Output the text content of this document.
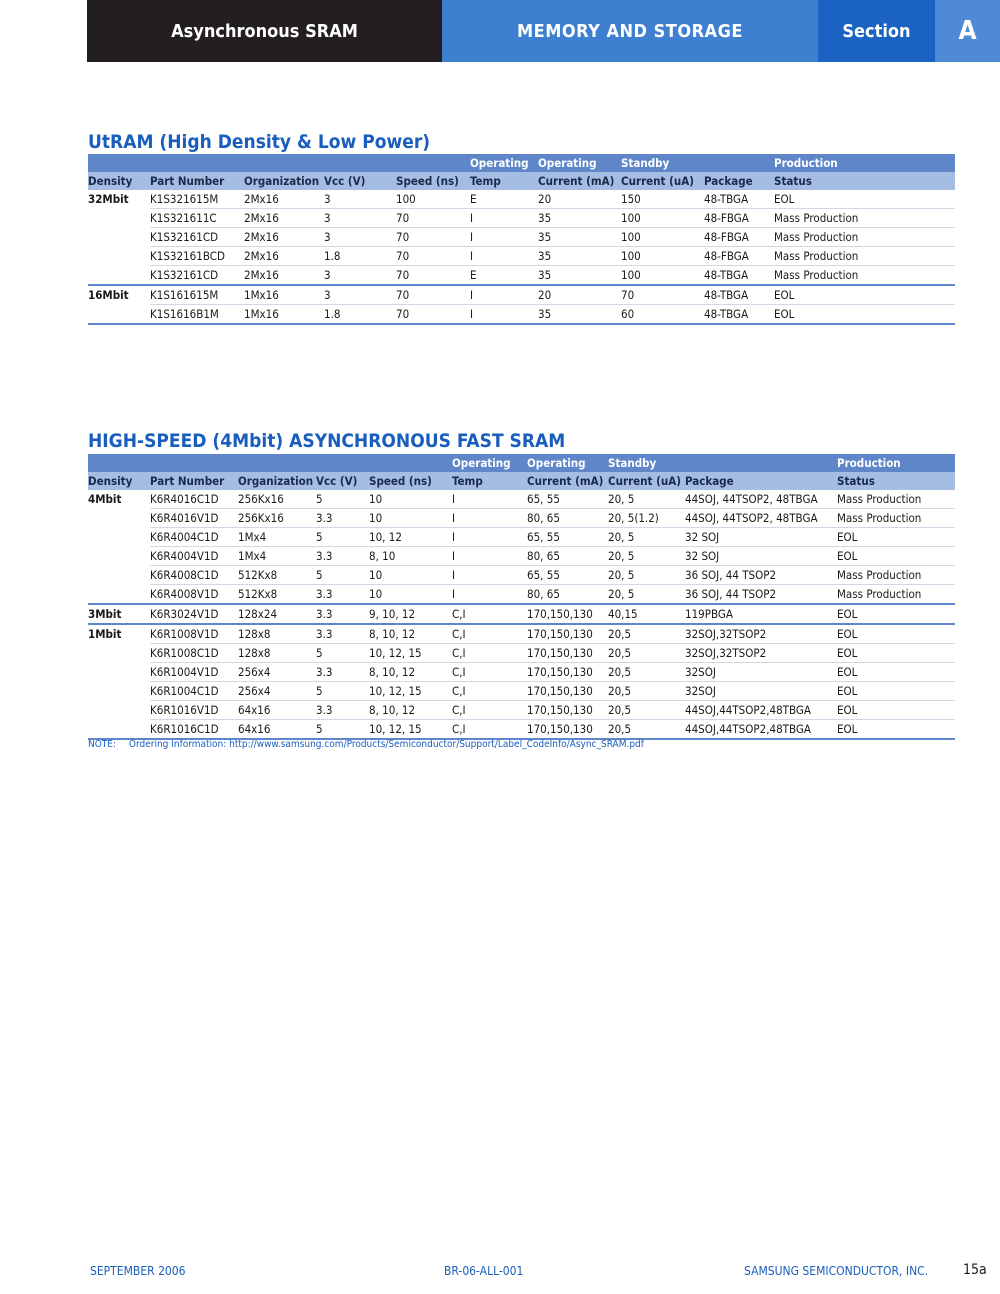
Asynchronous SRAM	MEMORY AND STORAGE	Section	A
UtRAM (High Density & Low Power)
					Operating	Operating	Standby		Production
Density	Part Number	Organization	Vcc (V)	Speed (ns)	Temp	Current (mA)	Current (uA)	Package	Status
32Mbit	K1S321615M	2Mx16	3	100	E	20	150	48-TBGA	EOL
	K1S321611C	2Mx16	3	70	I	35	100	48-FBGA	Mass Production
	K1S32161CD	2Mx16	3	70	I	35	100	48-FBGA	Mass Production
	K1S32161BCD	2Mx16	1.8	70	I	35	100	48-FBGA	Mass Production
	K1S32161CD	2Mx16	3	70	E	35	100	48-TBGA	Mass Production
16Mbit	K1S161615M	1Mx16	3	70	I	20	70	48-TBGA	EOL
	K1S1616B1M	1Mx16	1.8	70	I	35	60	48-TBGA	EOL
HIGH-SPEED (4Mbit) ASYNCHRONOUS FAST SRAM
					Operating	Operating	Standby		Production
Density	Part Number	Organization	Vcc (V)	Speed (ns)	Temp	Current (mA)	Current (uA)	Package	Status
4Mbit	K6R4016C1D	256Kx16	5	10	I	65, 55	20, 5	44SOJ, 44TSOP2, 48TBGA	Mass Production
	K6R4016V1D	256Kx16	3.3	10	I	80, 65	20, 5(1.2)	44SOJ, 44TSOP2, 48TBGA	Mass Production
	K6R4004C1D	1Mx4	5	10, 12	I	65, 55	20, 5	32 SOJ	EOL
	K6R4004V1D	1Mx4	3.3	8, 10	I	80, 65	20, 5	32 SOJ	EOL
	K6R4008C1D	512Kx8	5	10	I	65, 55	20, 5	36 SOJ, 44 TSOP2	Mass Production
	K6R4008V1D	512Kx8	3.3	10	I	80, 65	20, 5	36 SOJ, 44 TSOP2	Mass Production
3Mbit	K6R3024V1D	128x24	3.3	9, 10, 12	C,I	170,150,130	40,15	119PBGA	EOL
1Mbit	K6R1008V1D	128x8	3.3	8, 10, 12	C,I	170,150,130	20,5	32SOJ,32TSOP2	EOL
	K6R1008C1D	128x8	5	10, 12, 15	C,I	170,150,130	20,5	32SOJ,32TSOP2	EOL
	K6R1004V1D	256x4	3.3	8, 10, 12	C,I	170,150,130	20,5	32SOJ	EOL
	K6R1004C1D	256x4	5	10, 12, 15	C,I	170,150,130	20,5	32SOJ	EOL
	K6R1016V1D	64x16	3.3	8, 10, 12	C,I	170,150,130	20,5	44SOJ,44TSOP2,48TBGA	EOL
	K6R1016C1D	64x16	5	10, 12, 15	C,I	170,150,130	20,5	44SOJ,44TSOP2,48TBGA	EOL
NOTE: Ordering Information: http://www.samsung.com/Products/Semiconductor/Support/Label_CodeInfo/Async_SRAM.pdf
SEPTEMBER 2006	BR-06-ALL-001	SAMSUNG SEMICONDUCTOR, INC. 15a
